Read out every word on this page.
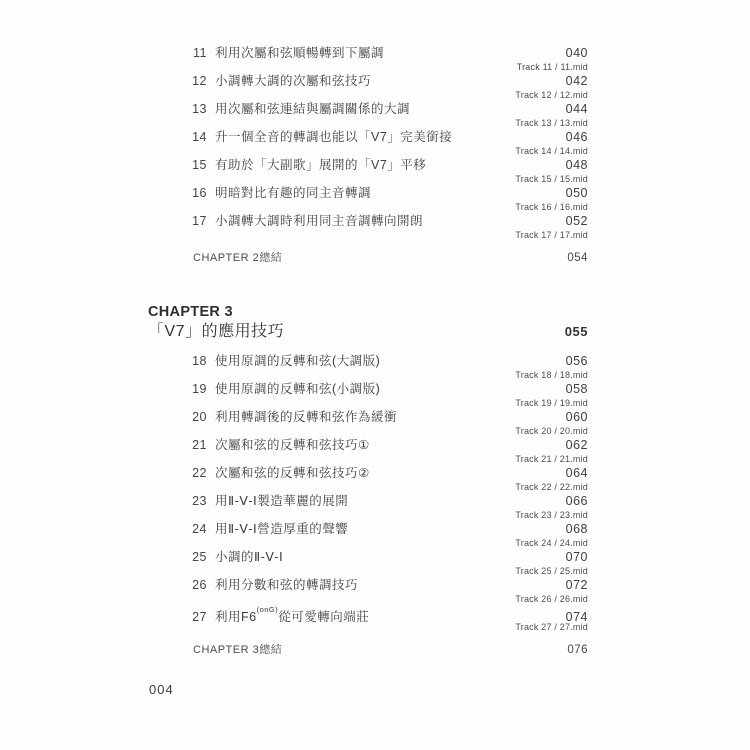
11 利用次屬和弦順暢轉到下屬調	040
Track 11 / 11.mid
12 小調轉大調的次屬和弦技巧	042
Track 12 / 12.mid
13 用次屬和弦連結與屬調關係的大調	044
Track 13 / 13.mid
14 升一個全音的轉調也能以「V7」完美銜接	046
Track 14 / 14.mid
15 有助於「大副歌」展開的「V7」平移	048
Track 15 / 15.mid
16 明暗對比有趣的同主音轉調	050
Track 16 / 16.mid
17 小調轉大調時利用同主音調轉向開朗	052
Track 17 / 17.mid
CHAPTER 2總結	054
CHAPTER 3
「V7」的應用技巧	055
18 使用原調的反轉和弦(大調版)	056
Track 18 / 18.mid
19 使用原調的反轉和弦(小調版)	058
Track 19 / 19.mid
20 利用轉調後的反轉和弦作為緩衝	060
Track 20 / 20.mid
21 次屬和弦的反轉和弦技巧①	062
Track 21 / 21.mid
22 次屬和弦的反轉和弦技巧②	064
Track 22 / 22.mid
23 用Ⅱ-Ⅴ-Ⅰ製造華麗的展開	066
Track 23 / 23.mid
24 用Ⅱ-Ⅴ-Ⅰ營造厚重的聲響	068
Track 24 / 24.mid
25 小調的Ⅱ-Ⅴ-Ⅰ	070
Track 25 / 25.mid
26 利用分數和弦的轉調技巧	072
Track 26 / 26.mid
27 利用$F6^{(onG)}$從可愛轉向端莊	074
Track 27 / 27.mid
CHAPTER 3總結	076
004
